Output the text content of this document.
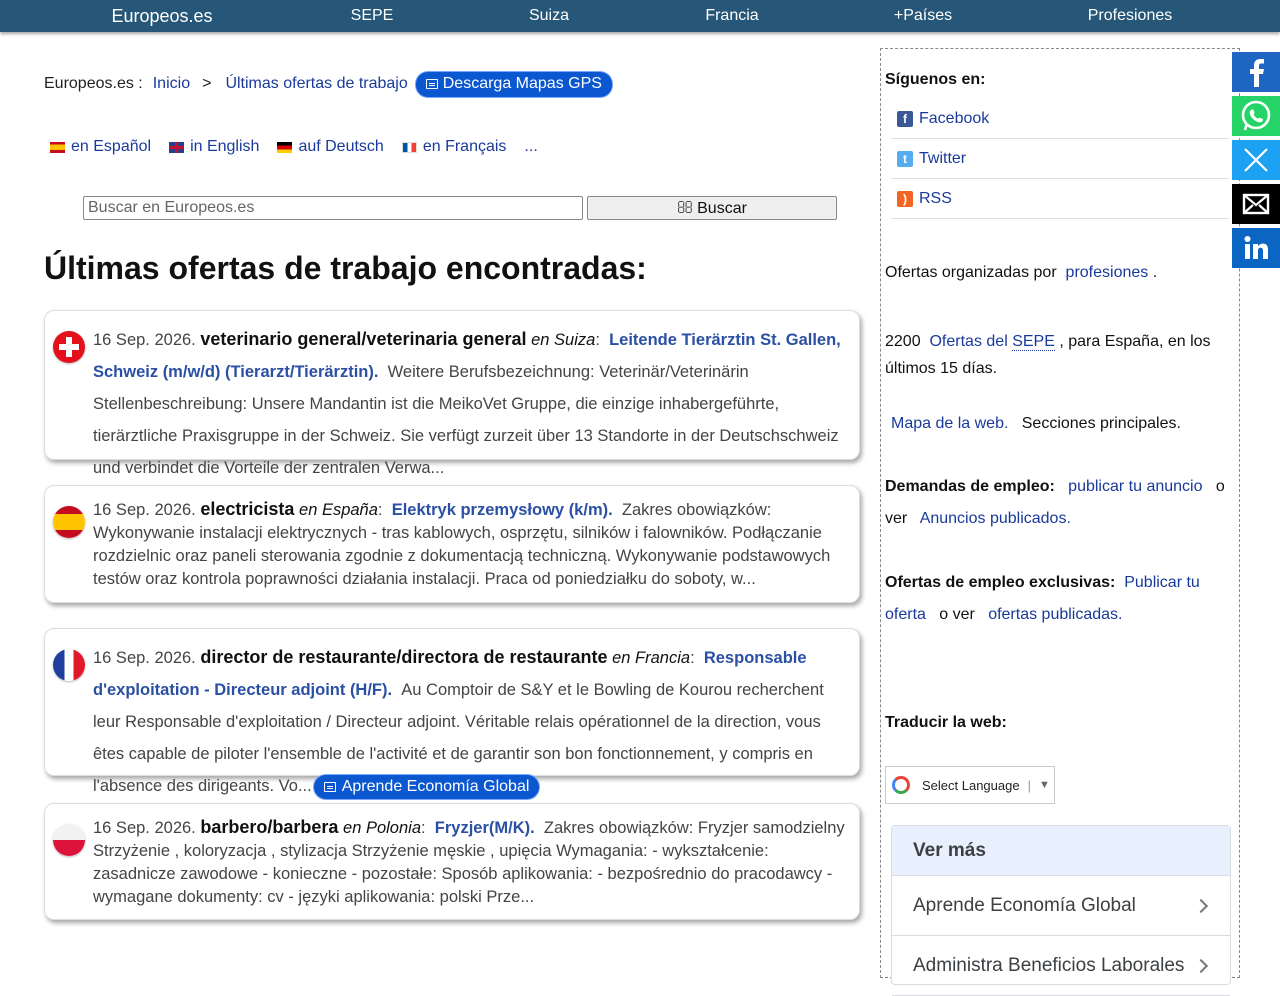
Europeos.es	SEPE	Suiza	Francia	+Países	Profesiones
Europeos.es : Inicio > Últimas ofertas de trabajo Descarga Mapas GPS
en Español in English auf Deutsch en Français ...
Buscar en Europeos.es
Buscar
Últimas ofertas de trabajo encontradas:
16 Sep. 2026. veterinario general/veterinaria general en Suiza:  Leitende Tierärztin St. Gallen, Schweiz (m/w/d) (Tierarzt/Tierärztin). Weitere Berufsbezeichnung: Veterinär/Veterinärin Stellenbeschreibung: Unsere Mandantin ist die MeikoVet Gruppe, die einzige inhabergeführte, tierärztliche Praxisgruppe in der Schweiz. Sie verfügt zurzeit über 13 Standorte in der Deutschschweiz und verbindet die Vorteile der zentralen Verwa...
16 Sep. 2026. electricista en España:  Elektryk przemysłowy (k/m). Zakres obowiązków: Wykonywanie instalacji elektrycznych - tras kablowych, osprzętu, silników i falowników. Podłączanie rozdzielnic oraz paneli sterowania zgodnie z dokumentacją techniczną. Wykonywanie podstawowych testów oraz kontrola poprawności działania instalacji. Praca od poniedziałku do soboty, w...
16 Sep. 2026. director de restaurante/directora de restaurante en Francia:  Responsable d'exploitation - Directeur adjoint (H/F). Au Comptoir de S&Y et le Bowling de Kourou recherchent leur Responsable d'exploitation / Directeur adjoint. Véritable relais opérationnel de la direction, vous êtes capable de piloter l'ensemble de l'activité et de garantir son bon fonctionnement, y compris en l'absence des dirigeants. Vo... Aprende Economía Global
16 Sep. 2026. barbero/barbera en Polonia:  Fryzjer(M/K). Zakres obowiązków: Fryzjer samodzielny Strzyżenie , koloryzacja , stylizacja Strzyżenie męskie , upięcia Wymagania: - wykształcenie: zasadnicze zawodowe - konieczne - pozostałe: Sposób aplikowania: - bezpośrednio do pracodawcy - wymagane dokumenty: cv - języki aplikowania: polski Prze...
Síguenos en:
f Facebook
t Twitter
) RSS
Ofertas organizadas por profesiones .
2200 Ofertas del SEPE , para España, en los
últimos 15 días.
Mapa de la web. Secciones principales.
Demandas de empleo: publicar tu anuncio o
ver Anuncios publicados.
Ofertas de empleo exclusivas: Publicar tu
oferta o ver ofertas publicadas.
Traducir la web:
Select Language | ▼
Ver más
Aprende Economía Global
Administra Beneficios Laborales
